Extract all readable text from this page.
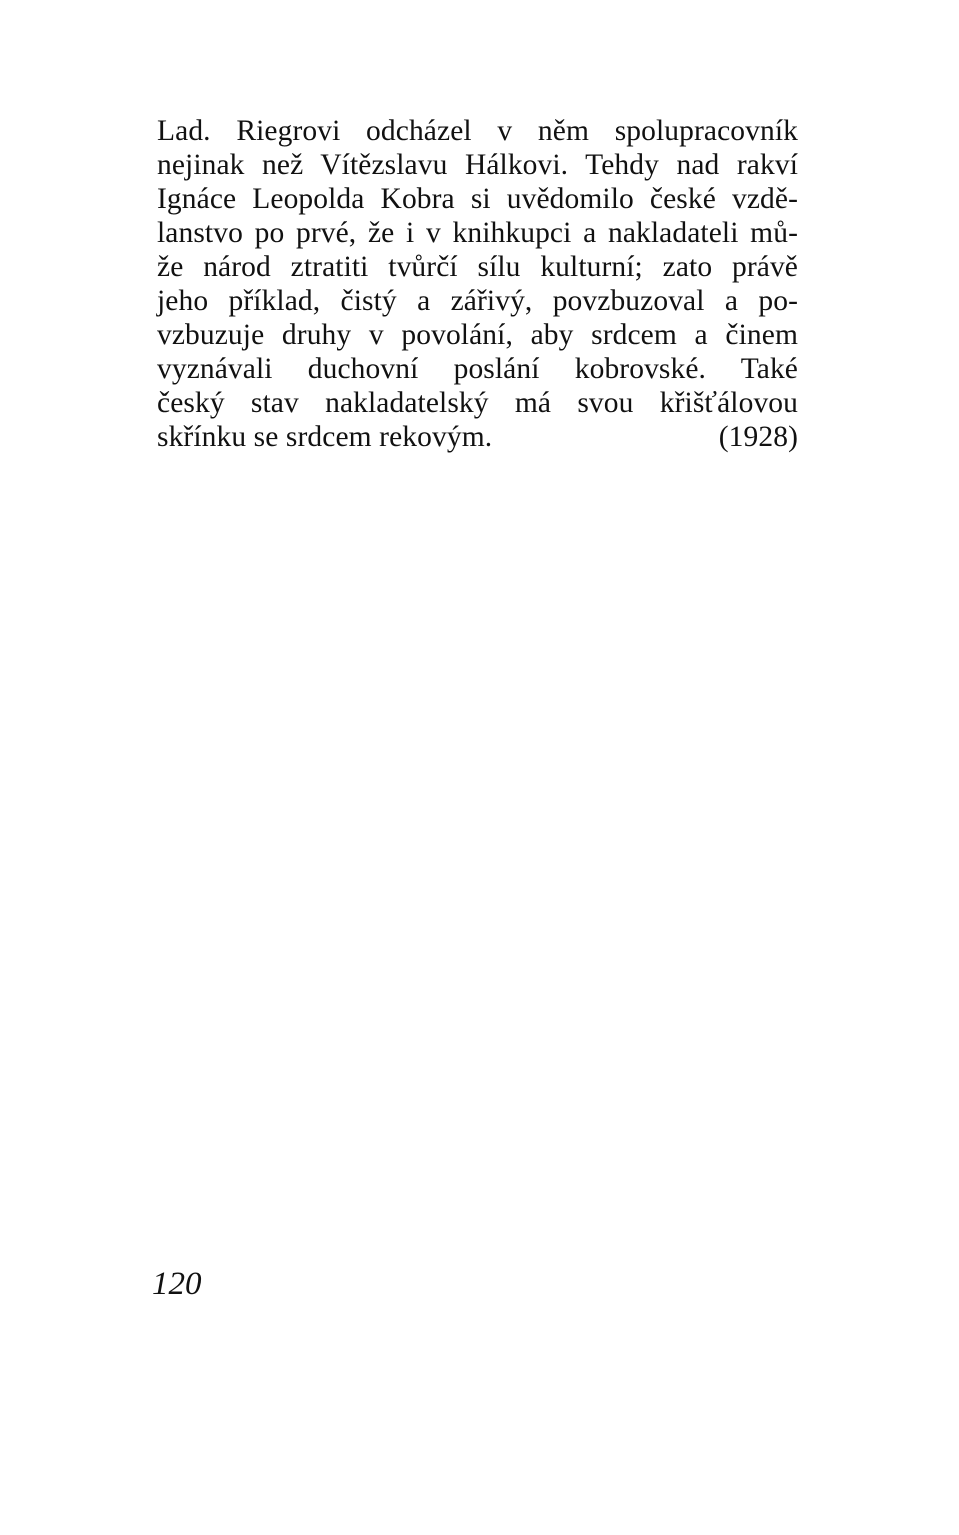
Lad. Riegrovi odcházel v něm spolupracovník
nejinak než Vítězslavu Hálkovi. Tehdy nad rakví
Ignáce Leopolda Kobra si uvědomilo české vzdě-
lanstvo po prvé, že i v knihkupci a nakladateli mů-
že národ ztratiti tvůrčí sílu kulturní; zato právě
jeho příklad, čistý a zářivý, povzbuzoval a po-
vzbuzuje druhy v povolání, aby srdcem a činem
vyznávali duchovní poslání kobrovské. Také
český stav nakladatelský má svou křišťálovou
skřínku se srdcem rekovým.	(1928)
120
